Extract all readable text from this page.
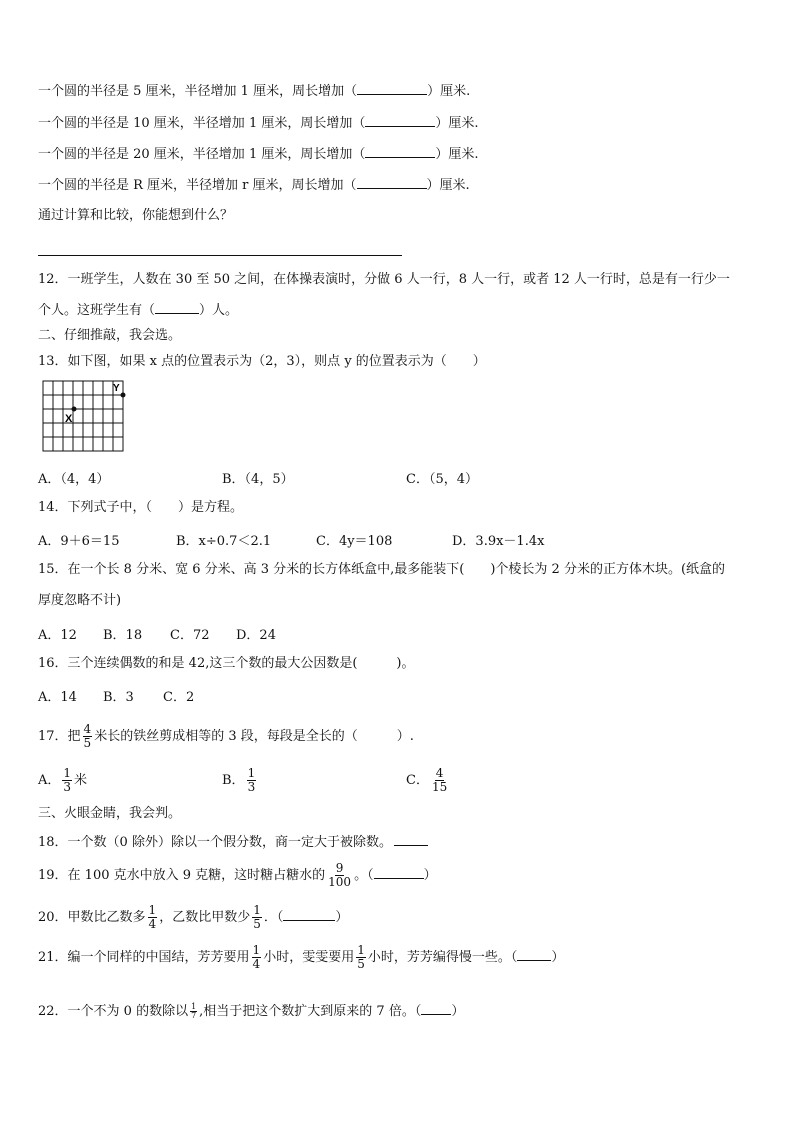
一个圆的半径是 5 厘米，半径增加 1 厘米，周长增加（	）厘米.
一个圆的半径是 10 厘米，半径增加 1 厘米，周长增加（	）厘米.
一个圆的半径是 20 厘米，半径增加 1 厘米，周长增加（	）厘米.
一个圆的半径是 R 厘米，半径增加 r 厘米，周长增加（	）厘米.
通过计算和比较，你能想到什么？
12．一班学生，人数在 30 至 50 之间，在体操表演时，分做 6 人一行，8 人一行，或者 12 人一行时，总是有一行少一
个人。这班学生有（	）人。
二、仔细推敲，我会选。
13．如下图，如果 x 点的位置表示为（2，3），则点 y 的位置表示为（　　）
X
Y
A．（4，4）	B．（4，5）	C．（5，4）
14．下列式子中，（　　）是方程。
A．9＋6＝15	B．x÷0.7＜2.1	C．4y＝108	D．3.9x－1.4x
15．在一个长 8 分米、宽 6 分米、高 3 分米的长方体纸盒中,最多能装下(　　)个棱长为 2 分米的正方体木块。(纸盒的
厚度忽略不计)
A．12 B．18 C．72 D．24
16．三个连续偶数的和是 42,这三个数的最大公因数是(　　　)。
A．14 B．3 C．2
17．把 $\frac{4}{5}$ 米长的铁丝剪成相等的 3 段，每段是全长的（　　　）.
A． $\frac{1}{3}$ 米	B． $\frac{1}{3}$	C． $\frac{4}{15}$
三、火眼金睛，我会判。
18．一个数（0 除外）除以一个假分数，商一定大于被除数。
19．在 100 克水中放入 9 克糖，这时糖占糖水的 $\frac{9}{100}$ 。（	）
20．甲数比乙数多 $\frac{1}{4}$ ，乙数比甲数少 $\frac{1}{5}$ ．（	）
21．编一个同样的中国结，芳芳要用 $\frac{1}{4}$ 小时，雯雯要用 $\frac{1}{5}$ 小时，芳芳编得慢一些。（	）
22．一个不为 0 的数除以 $\frac{1}{7}$ ,相当于把这个数扩大到原来的 7 倍。（ ）
